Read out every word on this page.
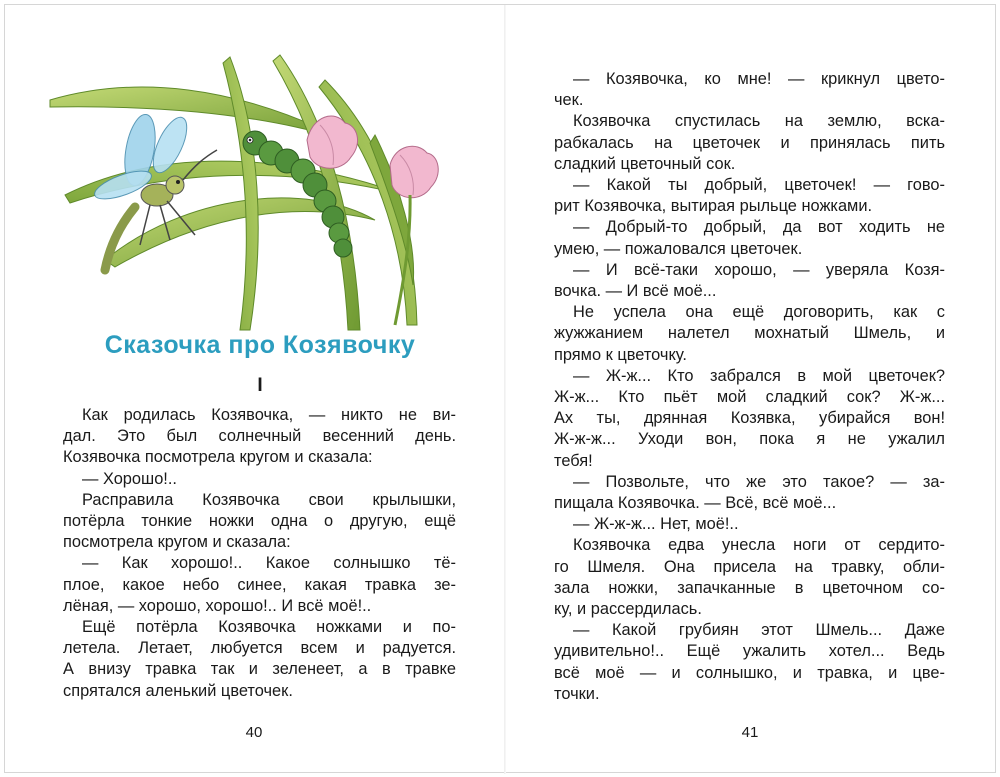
Сказочка про Козявочку
I
Как родилась Козявочка, — никто не ви-
дал. Это был солнечный весенний день.
Козявочка посмотрела кругом и сказала:
— Хорошо!..
Расправила Козявочка свои крылышки,
потёрла тонкие ножки одна о другую, ещё
посмотрела кругом и сказала:
— Как хорошо!.. Какое солнышко тё-
плое, какое небо синее, какая травка зе-
лёная, — хорошо, хорошо!.. И всё моё!..
Ещё потёрла Козявочка ножками и по-
летела. Летает, любуется всем и радуется.
А внизу травка так и зеленеет, а в травке
спрятался аленький цветочек.
— Козявочка, ко мне! — крикнул цвето-
чек.
Козявочка спустилась на землю, вска-
рабкалась на цветочек и принялась пить
сладкий цветочный сок.
— Какой ты добрый, цветочек! — гово-
рит Козявочка, вытирая рыльце ножками.
— Добрый-то добрый, да вот ходить не
умею, — пожаловался цветочек.
— И всё-таки хорошо, — уверяла Козя-
вочка. — И всё моё...
Не успела она ещё договорить, как с
жужжанием налетел мохнатый Шмель, и
прямо к цветочку.
— Ж-ж... Кто забрался в мой цветочек?
Ж-ж... Кто пьёт мой сладкий сок? Ж-ж...
Ах ты, дрянная Козявка, убирайся вон!
Ж-ж-ж... Уходи вон, пока я не ужалил
тебя!
— Позвольте, что же это такое? — за-
пищала Козявочка. — Всё, всё моё...
— Ж-ж-ж... Нет, моё!..
Козявочка едва унесла ноги от сердито-
го Шмеля. Она присела на травку, обли-
зала ножки, запачканные в цветочном со-
ку, и рассердилась.
— Какой грубиян этот Шмель... Даже
удивительно!.. Ещё ужалить хотел... Ведь
всё моё — и солнышко, и травка, и цве-
точки.
40	41
